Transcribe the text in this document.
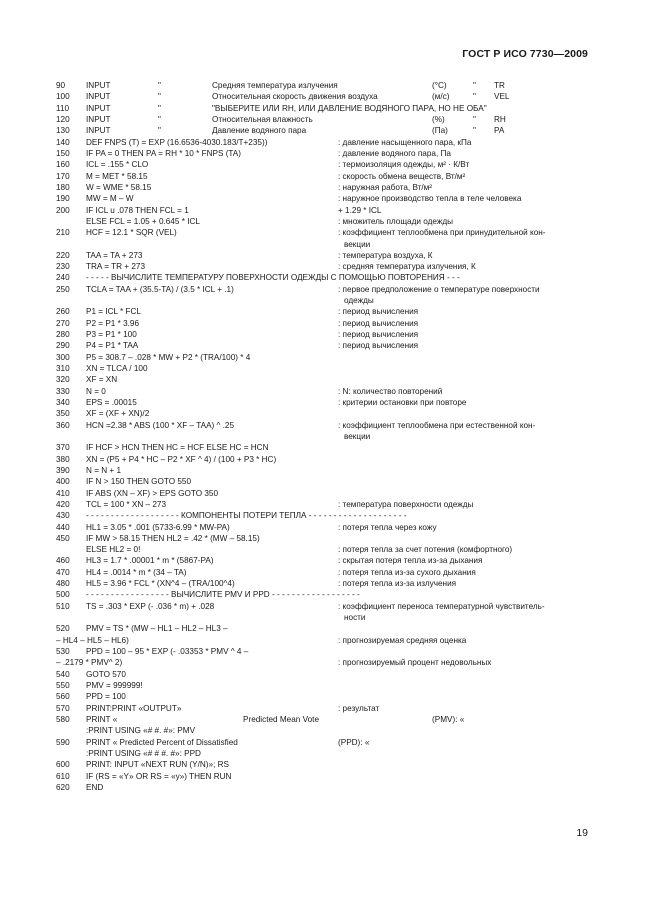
ГОСТ Р ИСО 7730—2009
90	INPUT	"	Средняя температура излучения	(°C)	" TR
100 INPUT	"	Относительная скорость движения воздуха	(м/с)	" VEL
110 INPUT	"	"ВЫБЕРИТЕ ИЛИ RH, ИЛИ ДАВЛЕНИЕ ВОДЯНОГО ПАРА, НО НЕ ОБА"
120 INPUT	"	Относительная влажность	(%)	" RH
130 INPUT	"	Давление водяного пара	(Па)	" PA
140 DEF FNPS (T) = EXP (16.6536-4030.183/T+235))	: давление насыщенного пара, кПа
150 IF PA = 0 THEN PA = RH * 10 * FNPS (TA)	: давление водяного пара, Па
160 ICL = .155 * CLO	: термоизоляция одежды, м² · К/Вт
170 M = MET * 58.15	: скорость обмена веществ, Вт/м²
180 W = WME * 58.15	: наружная работа, Вт/м²
190 MW = M – W	: наружное производство тепла в теле человека
200 IF ICL u .078 THEN FCL = 1	+ 1.29 * ICL
ELSE FCL = 1.05 + 0.645 * ICL	: множитель площади одежды
210 HCF = 12.1 * SQR (VEL)	: коэффициент теплообмена при принудительной кон-
векции
220 TAA = TA + 273	: температура воздуха, К
230 TRA = TR + 273	: средняя температура излучения, К
240 - - - - - ВЫЧИСЛИТЕ ТЕМПЕРАТУРУ ПОВЕРХНОСТИ ОДЕЖДЫ С ПОМОЩЬЮ ПОВТОРЕНИЯ - - -
250 TCLA = TAA + (35.5-TA) / (3.5 * ICL + .1)	: первое предположение о температуре поверхности
одежды
260 P1 = ICL * FCL	: период вычисления
270 P2 = P1 * 3.96	: период вычисления
280 P3 = P1 * 100	: период вычисления
290 P4 = P1 * TAA	: период вычисления
300 P5 = 308.7 – .028 * MW + P2 * (TRA/100) * 4
310 XN = TLCA / 100
320 XF = XN
330 N = 0	: N: количество повторений
340 EPS = .00015	: критерии остановки при повторе
350 XF = (XF + XN)/2
360 HCN =2.38 * ABS (100 * XF – TAA) ^ .25	: коэффициент теплообмена при естественной кон-
векции
370 IF HCF > HCN THEN HC = HCF ELSE HC = HCN
380 XN = (P5 + P4 * HC – P2 * XF ^ 4) / (100 + P3 * HC)
390 N = N + 1
400 IF N > 150 THEN GOTO 550
410 IF ABS (XN – XF) > EPS GOTO 350
420 TCL = 100 * XN – 273	: температура поверхности одежды
430 - - - - - - - - - - - - - - - - - - - КОМПОНЕНТЫ ПОТЕРИ ТЕПЛА - - - - - - - - - - - - - - - - - - - -
440 HL1 = 3.05 * .001 (5733-6.99 * MW-PA)	: потеря тепла через кожу
450 IF MW > 58.15 THEN HL2 = .42 * (MW – 58.15)
ELSE HL2 = 0!	: потеря тепла за счет потения (комфортного)
460 HL3 = 1.7 * .00001 * m * (5867-PA)	: скрытая потеря тепла из-за дыхания
470 HL4 = .0014 * m * (34 – TA)	: потеря тепла из-за сухого дыхания
480 HL5 = 3.96 * FCL * (XN^4 – (TRA/100^4)	: потеря тепла из-за излучения
500 - - - - - - - - - - - - - - - - - ВЫЧИСЛИТЕ PMV И PPD - - - - - - - - - - - - - - - - - -
510 TS = .303 * EXP (- .036 * m) + .028	: коэффициент переноса температурной чувствитель-
ности
520 PMV = TS * (MW – HL1 – HL2 – HL3 –
– HL4 – HL5 – HL6)	: прогнозируемая средняя оценка
530 PPD = 100 – 95 * EXP (- .03353 * PMV ^ 4 –
– .2179 * PMV^ 2)	: прогнозируемый процент недовольных
540 GOTO 570
550 PMV = 999999!
560 PPD = 100
570 PRINT:PRINT «OUTPUT»	: результат
580 PRINT «	Predicted Mean Vote	(PMV): «
:PRINT USING «# #. #»: PMV
590 PRINT « Predicted Percent of Dissatisfied	(PPD): «
:PRINT USING «# # #. #»: PPD
600 PRINT: INPUT «NEXT RUN (Y/N)»; RS
610 IF (RS = «Y» OR RS = «y») THEN RUN
620 END
19
